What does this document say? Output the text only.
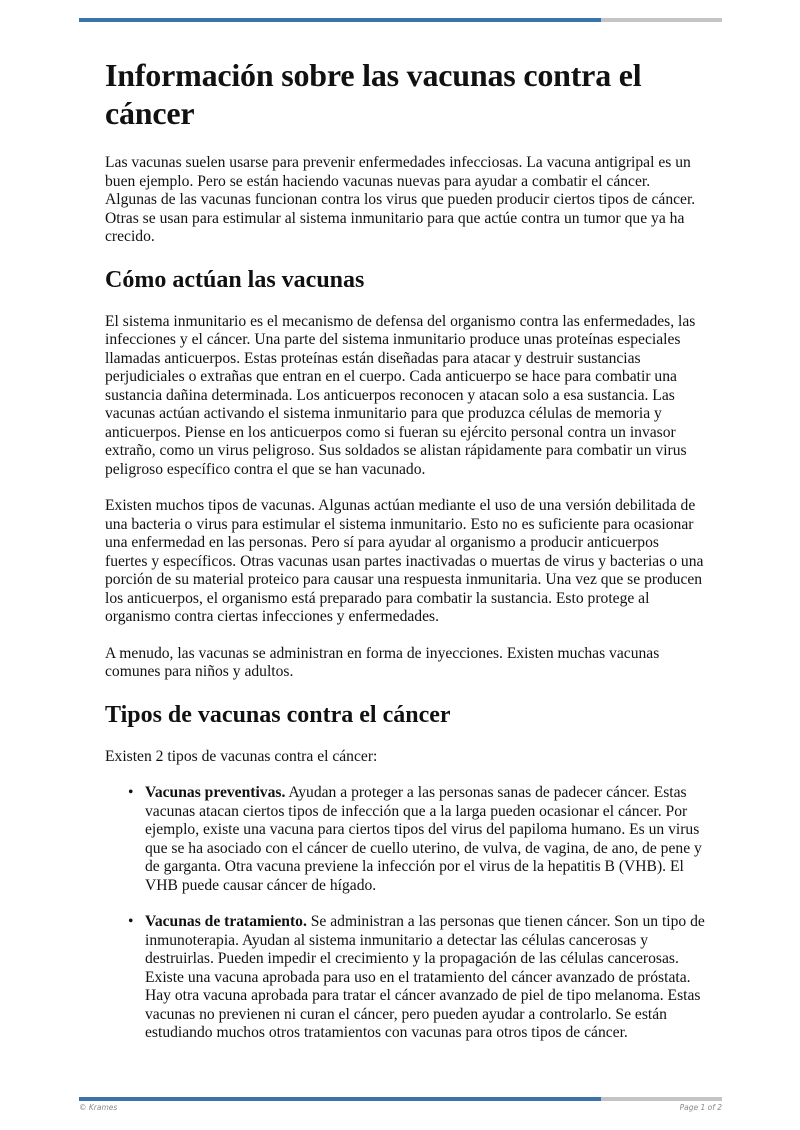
Información sobre las vacunas contra el cáncer

Las vacunas suelen usarse para prevenir enfermedades infecciosas. La vacuna antigripal es un buen ejemplo. Pero se están haciendo vacunas nuevas para ayudar a combatir el cáncer. Algunas de las vacunas funcionan contra los virus que pueden producir ciertos tipos de cáncer. Otras se usan para estimular al sistema inmunitario para que actúe contra un tumor que ya ha crecido.

Cómo actúan las vacunas

El sistema inmunitario es el mecanismo de defensa del organismo contra las enfermedades, las infecciones y el cáncer. Una parte del sistema inmunitario produce unas proteínas especiales llamadas anticuerpos. Estas proteínas están diseñadas para atacar y destruir sustancias perjudiciales o extrañas que entran en el cuerpo. Cada anticuerpo se hace para combatir una sustancia dañina determinada. Los anticuerpos reconocen y atacan solo a esa sustancia. Las vacunas actúan activando el sistema inmunitario para que produzca células de memoria y anticuerpos. Piense en los anticuerpos como si fueran su ejército personal contra un invasor extraño, como un virus peligroso. Sus soldados se alistan rápidamente para combatir un virus peligroso específico contra el que se han vacunado.

Existen muchos tipos de vacunas. Algunas actúan mediante el uso de una versión debilitada de una bacteria o virus para estimular el sistema inmunitario. Esto no es suficiente para ocasionar una enfermedad en las personas. Pero sí para ayudar al organismo a producir anticuerpos fuertes y específicos. Otras vacunas usan partes inactivadas o muertas de virus y bacterias o una porción de su material proteico para causar una respuesta inmunitaria. Una vez que se producen los anticuerpos, el organismo está preparado para combatir la sustancia. Esto protege al organismo contra ciertas infecciones y enfermedades.

A menudo, las vacunas se administran en forma de inyecciones. Existen muchas vacunas comunes para niños y adultos.

Tipos de vacunas contra el cáncer

Existen 2 tipos de vacunas contra el cáncer:

• Vacunas preventivas. Ayudan a proteger a las personas sanas de padecer cáncer. Estas vacunas atacan ciertos tipos de infección que a la larga pueden ocasionar el cáncer. Por ejemplo, existe una vacuna para ciertos tipos del virus del papiloma humano. Es un virus que se ha asociado con el cáncer de cuello uterino, de vulva, de vagina, de ano, de pene y de garganta. Otra vacuna previene la infección por el virus de la hepatitis B (VHB). El VHB puede causar cáncer de hígado.
• Vacunas de tratamiento. Se administran a las personas que tienen cáncer. Son un tipo de inmunoterapia. Ayudan al sistema inmunitario a detectar las células cancerosas y destruirlas. Pueden impedir el crecimiento y la propagación de las células cancerosas. Existe una vacuna aprobada para uso en el tratamiento del cáncer avanzado de próstata. Hay otra vacuna aprobada para tratar el cáncer avanzado de piel de tipo melanoma. Estas vacunas no previenen ni curan el cáncer, pero pueden ayudar a controlarlo. Se están estudiando muchos otros tratamientos con vacunas para otros tipos de cáncer.
© Krames	Page 1 of 2
